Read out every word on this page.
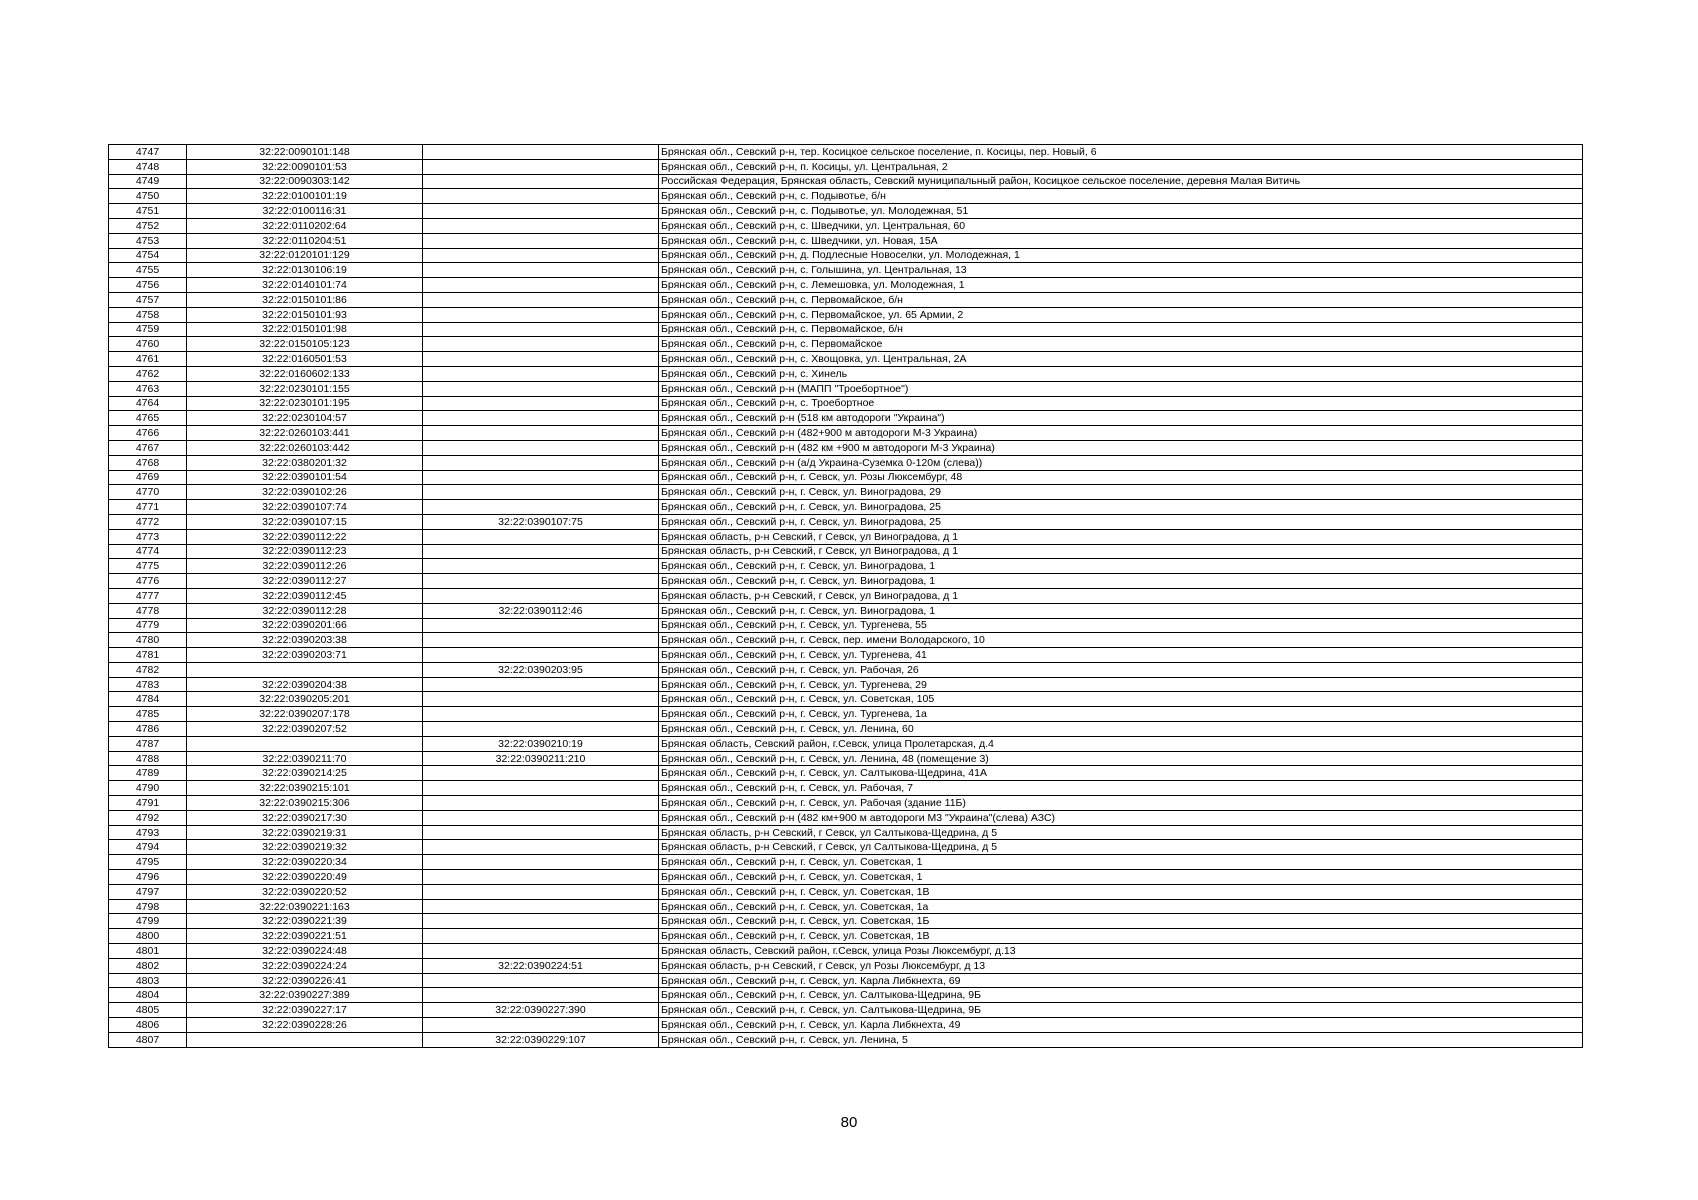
4747	32:22:0090101:148		Брянская обл., Севский р-н, тер. Косицкое сельское поселение, п. Косицы, пер. Новый, 6
4748	32:22:0090101:53		Брянская обл., Севский р-н, п. Косицы, ул. Центральная, 2
4749	32:22:0090303:142		Российская Федерация, Брянская область, Севский муниципальный район, Косицкое сельское поселение, деревня Малая Витичь
4750	32:22:0100101:19		Брянская обл., Севский р-н, с. Подывотье, б/н
4751	32:22:0100116:31		Брянская обл., Севский р-н, с. Подывотье, ул. Молодежная, 51
4752	32:22:0110202:64		Брянская обл., Севский р-н, с. Шведчики, ул. Центральная, 60
4753	32:22:0110204:51		Брянская обл., Севский р-н, с. Шведчики, ул. Новая, 15А
4754	32:22:0120101:129		Брянская обл., Севский р-н, д. Подлесные Новоселки, ул. Молодежная, 1
4755	32:22:0130106:19		Брянская обл., Севский р-н, с. Голышина, ул. Центральная, 13
4756	32:22:0140101:74		Брянская обл., Севский р-н, с. Лемешовка, ул. Молодежная, 1
4757	32:22:0150101:86		Брянская обл., Севский р-н, с. Первомайское, б/н
4758	32:22:0150101:93		Брянская обл., Севский р-н, с. Первомайское, ул. 65 Армии, 2
4759	32:22:0150101:98		Брянская обл., Севский р-н, с. Первомайское, б/н
4760	32:22:0150105:123		Брянская обл., Севский р-н, с. Первомайское
4761	32:22:0160501:53		Брянская обл., Севский р-н, с. Хвощовка, ул. Центральная, 2А
4762	32:22:0160602:133		Брянская обл., Севский р-н, с. Хинель
4763	32:22:0230101:155		Брянская обл., Севский р-н (МАПП "Троебортное")
4764	32:22:0230101:195		Брянская обл., Севский р-н, с. Троебортное
4765	32:22:0230104:57		Брянская обл., Севский р-н (518 км автодороги "Украина")
4766	32:22:0260103:441		Брянская обл., Севский р-н (482+900 м автодороги М-3 Украина)
4767	32:22:0260103:442		Брянская обл., Севский р-н (482 км +900 м автодороги М-3 Украина)
4768	32:22:0380201:32		Брянская обл., Севский р-н (а/д Украина-Суземка 0-120м (слева))
4769	32:22:0390101:54		Брянская обл., Севский р-н, г. Севск, ул. Розы Люксембург, 48
4770	32:22:0390102:26		Брянская обл., Севский р-н, г. Севск, ул. Виноградова, 29
4771	32:22:0390107:74		Брянская обл., Севский р-н, г. Севск, ул. Виноградова, 25
4772	32:22:0390107:15	32:22:0390107:75	Брянская обл., Севский р-н, г. Севск, ул. Виноградова, 25
4773	32:22:0390112:22		Брянская область, р-н Севский, г Севск, ул Виноградова, д 1
4774	32:22:0390112:23		Брянская область, р-н Севский, г Севск, ул Виноградова, д 1
4775	32:22:0390112:26		Брянская обл., Севский р-н, г. Севск, ул. Виноградова, 1
4776	32:22:0390112:27		Брянская обл., Севский р-н, г. Севск, ул. Виноградова, 1
4777	32:22:0390112:45		Брянская область, р-н Севский, г Севск, ул Виноградова, д 1
4778	32:22:0390112:28	32:22:0390112:46	Брянская обл., Севский р-н, г. Севск, ул. Виноградова, 1
4779	32:22:0390201:66		Брянская обл., Севский р-н, г. Севск, ул. Тургенева, 55
4780	32:22:0390203:38		Брянская обл., Севский р-н, г. Севск, пер. имени Володарского, 10
4781	32:22:0390203:71		Брянская обл., Севский р-н, г. Севск, ул. Тургенева, 41
4782		32:22:0390203:95	Брянская обл., Севский р-н, г. Севск, ул. Рабочая, 26
4783	32:22:0390204:38		Брянская обл., Севский р-н, г. Севск, ул. Тургенева, 29
4784	32:22:0390205:201		Брянская обл., Севский р-н, г. Севск, ул. Советская, 105
4785	32:22:0390207:178		Брянская обл., Севский р-н, г. Севск, ул. Тургенева, 1а
4786	32:22:0390207:52		Брянская обл., Севский р-н, г. Севск, ул. Ленина, 60
4787		32:22:0390210:19	Брянская область, Севский район, г.Севск, улица Пролетарская, д.4
4788	32:22:0390211:70	32:22:0390211:210	Брянская обл., Севский р-н, г. Севск, ул. Ленина, 48 (помещение 3)
4789	32:22:0390214:25		Брянская обл., Севский р-н, г. Севск, ул. Салтыкова-Щедрина, 41А
4790	32:22:0390215:101		Брянская обл., Севский р-н, г. Севск, ул. Рабочая, 7
4791	32:22:0390215:306		Брянская обл., Севский р-н, г. Севск, ул. Рабочая (здание 11Б)
4792	32:22:0390217:30		Брянская обл., Севский р-н (482 км+900 м автодороги М3 "Украина"(слева) АЗС)
4793	32:22:0390219:31		Брянская область, р-н Севский, г Севск, ул Салтыкова-Щедрина, д 5
4794	32:22:0390219:32		Брянская область, р-н Севский, г Севск, ул Салтыкова-Щедрина, д 5
4795	32:22:0390220:34		Брянская обл., Севский р-н, г. Севск, ул. Советская, 1
4796	32:22:0390220:49		Брянская обл., Севский р-н, г. Севск, ул. Советская, 1
4797	32:22:0390220:52		Брянская обл., Севский р-н, г. Севск, ул. Советская, 1В
4798	32:22:0390221:163		Брянская обл., Севский р-н, г. Севск, ул. Советская, 1а
4799	32:22:0390221:39		Брянская обл., Севский р-н, г. Севск, ул. Советская, 1Б
4800	32:22:0390221:51		Брянская обл., Севский р-н, г. Севск, ул. Советская, 1В
4801	32:22:0390224:48		Брянская область, Севский район, г.Севск, улица Розы Люксембург, д.13
4802	32:22:0390224:24	32:22:0390224:51	Брянская область, р-н Севский, г Севск, ул Розы Люксембург, д 13
4803	32:22:0390226:41		Брянская обл., Севский р-н, г. Севск, ул. Карла Либкнехта, 69
4804	32:22:0390227:389		Брянская обл., Севский р-н, г. Севск, ул. Салтыкова-Щедрина, 9Б
4805	32:22:0390227:17	32:22:0390227:390	Брянская обл., Севский р-н, г. Севск, ул. Салтыкова-Щедрина, 9Б
4806	32:22:0390228:26		Брянская обл., Севский р-н, г. Севск, ул. Карла Либкнехта, 49
4807		32:22:0390229:107	Брянская обл., Севский р-н, г. Севск, ул. Ленина, 5
80
